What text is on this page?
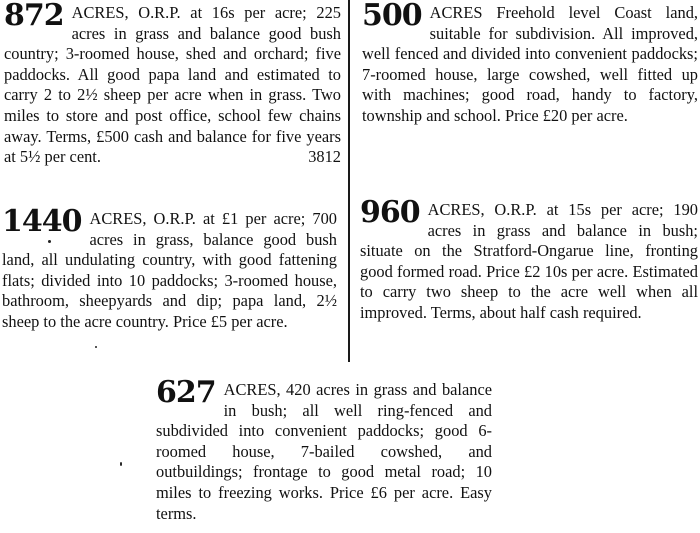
872 ACRES, O.R.P. at 16s per acre; 225 acres in grass and balance good bush country; 3-roomed house, shed and orchard; five paddocks. All good papa land and estimated to carry 2 to 2½ sheep per acre when in grass. Two miles to store and post office, school few chains away. Terms, £500 cash and balance for five years at 5½ per cent.	3812
500 ACRES Freehold level Coast land, suitable for subdivision. All improved, well fenced and divided into convenient paddocks; 7-roomed house, large cowshed, well fitted up with machines; good road, handy to factory, township and school. Price £20 per acre.
1440 ACRES, O.R.P. at £1 per acre; 700 acres in grass, balance good bush land, all undulating country, with good fattening flats; divided into 10 paddocks; 3-roomed house, bathroom, sheepyards and dip; papa land, 2½ sheep to the acre country. Price £5 per acre.
960 ACRES, O.R.P. at 15s per acre; 190 acres in grass and balance in bush; situate on the Stratford-Ongarue line, fronting good formed road. Price £2 10s per acre. Estimated to carry two sheep to the acre well when all improved. Terms, about half cash required.
627 ACRES, 420 acres in grass and balance in bush; all well ring-fenced and subdivided into convenient paddocks; good 6-roomed house, 7-bailed cowshed, and outbuildings; frontage to good metal road; 10 miles to freezing works. Price £6 per acre. Easy terms.
